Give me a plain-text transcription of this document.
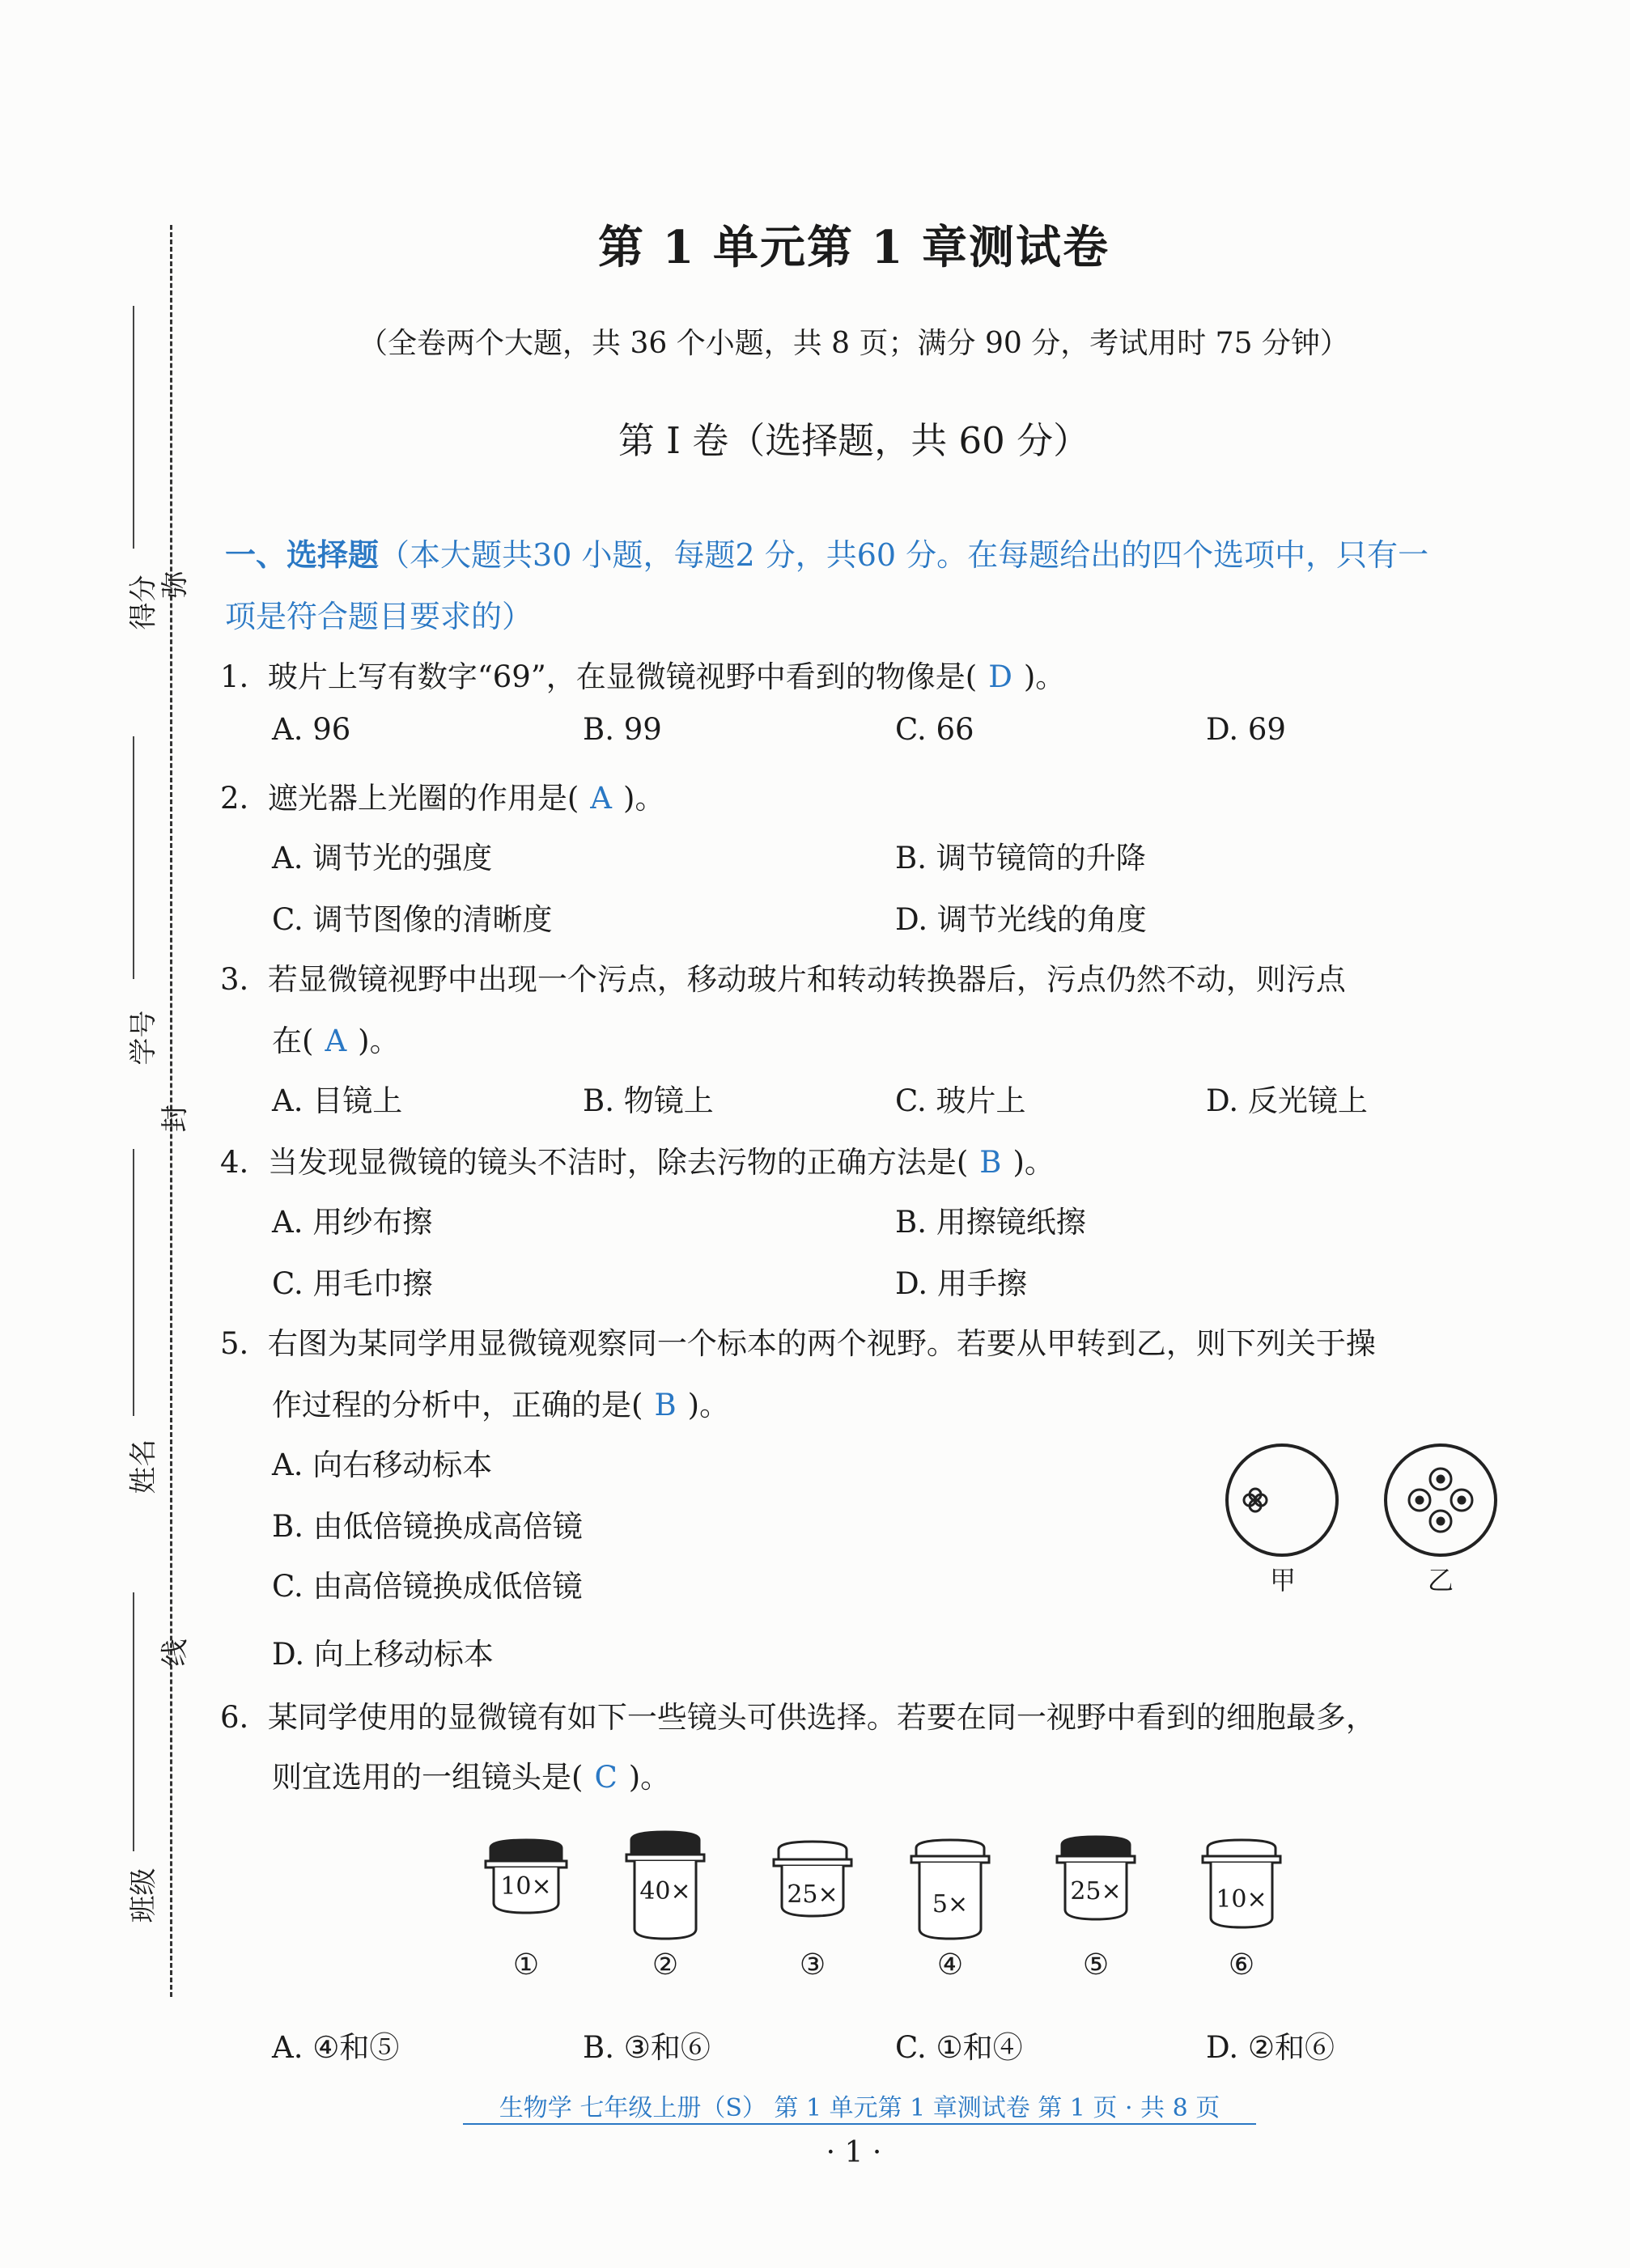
得分
学号
姓名
班级
弥
封
线
第 1 单元第 1 章测试卷
（全卷两个大题，共 36 个小题，共 8 页；满分 90 分，考试用时 75 分钟）
第 I 卷（选择题，共 60 分）
一、选择题（本大题共30 小题，每题2 分，共60 分。在每题给出的四个选项中，只有一
项是符合题目要求的）
1. 玻片上写有数字“69”，在显微镜视野中看到的物像是( D )。
A. 96	B. 99	C. 66	D. 69
2. 遮光器上光圈的作用是( A )。
A. 调节光的强度	B. 调节镜筒的升降
C. 调节图像的清晰度	D. 调节光线的角度
3. 若显微镜视野中出现一个污点，移动玻片和转动转换器后，污点仍然不动，则污点
在( A )。
A. 目镜上	B. 物镜上	C. 玻片上	D. 反光镜上
4. 当发现显微镜的镜头不洁时，除去污物的正确方法是( B )。
A. 用纱布擦	B. 用擦镜纸擦
C. 用毛巾擦	D. 用手擦
5. 右图为某同学用显微镜观察同一个标本的两个视野。若要从甲转到乙，则下列关于操
作过程的分析中，正确的是( B )。
A. 向右移动标本
B. 由低倍镜换成高倍镜
C. 由高倍镜换成低倍镜
D. 向上移动标本
甲	乙
6. 某同学使用的显微镜有如下一些镜头可供选择。若要在同一视野中看到的细胞最多，
则宜选用的一组镜头是( C )。
10×	40×	25×	5×	25×	10×
①	②	③	④	⑤	⑥
A. ④和⑤	B. ③和⑥	C. ①和④	D. ②和⑥
生物学 七年级上册（S） 第 1 单元第 1 章测试卷 第 1 页 · 共 8 页
· 1 ·
